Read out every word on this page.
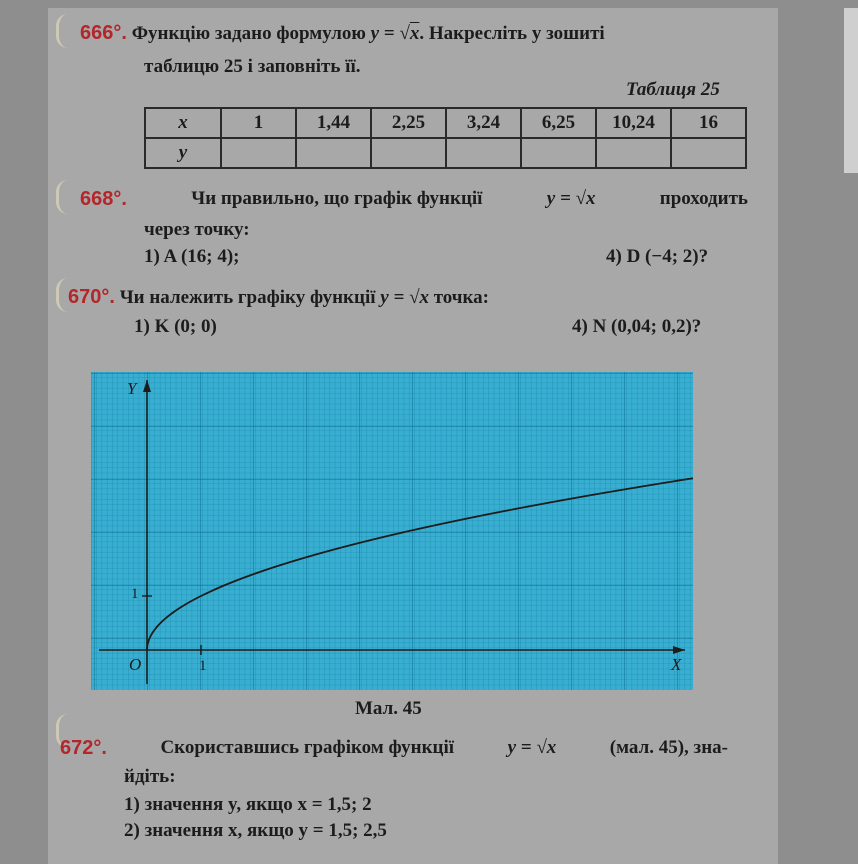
666°. Функцію задано формулою y = √x. Накресліть у зошиті
таблицю 25 і заповніть її.
Таблиця 25
x	1	1,44	2,25	3,24	6,25	10,24	16
y							
668°.	Чи правильно, що графік функції	y = √x	проходить
через точку:
1) A (16; 4);	4) D (−4; 2)?
670°. Чи належить графіку функції y = √x точка:
1) K (0; 0)	4) N (0,04; 0,2)?
Y
X
O
1
1
Мал. 45
672°.	Скориставшись графіком функції	y = √x	(мал. 45), зна-
йдіть:
1) значення y, якщо x = 1,5; 2
2) значення x, якщо y = 1,5; 2,5
